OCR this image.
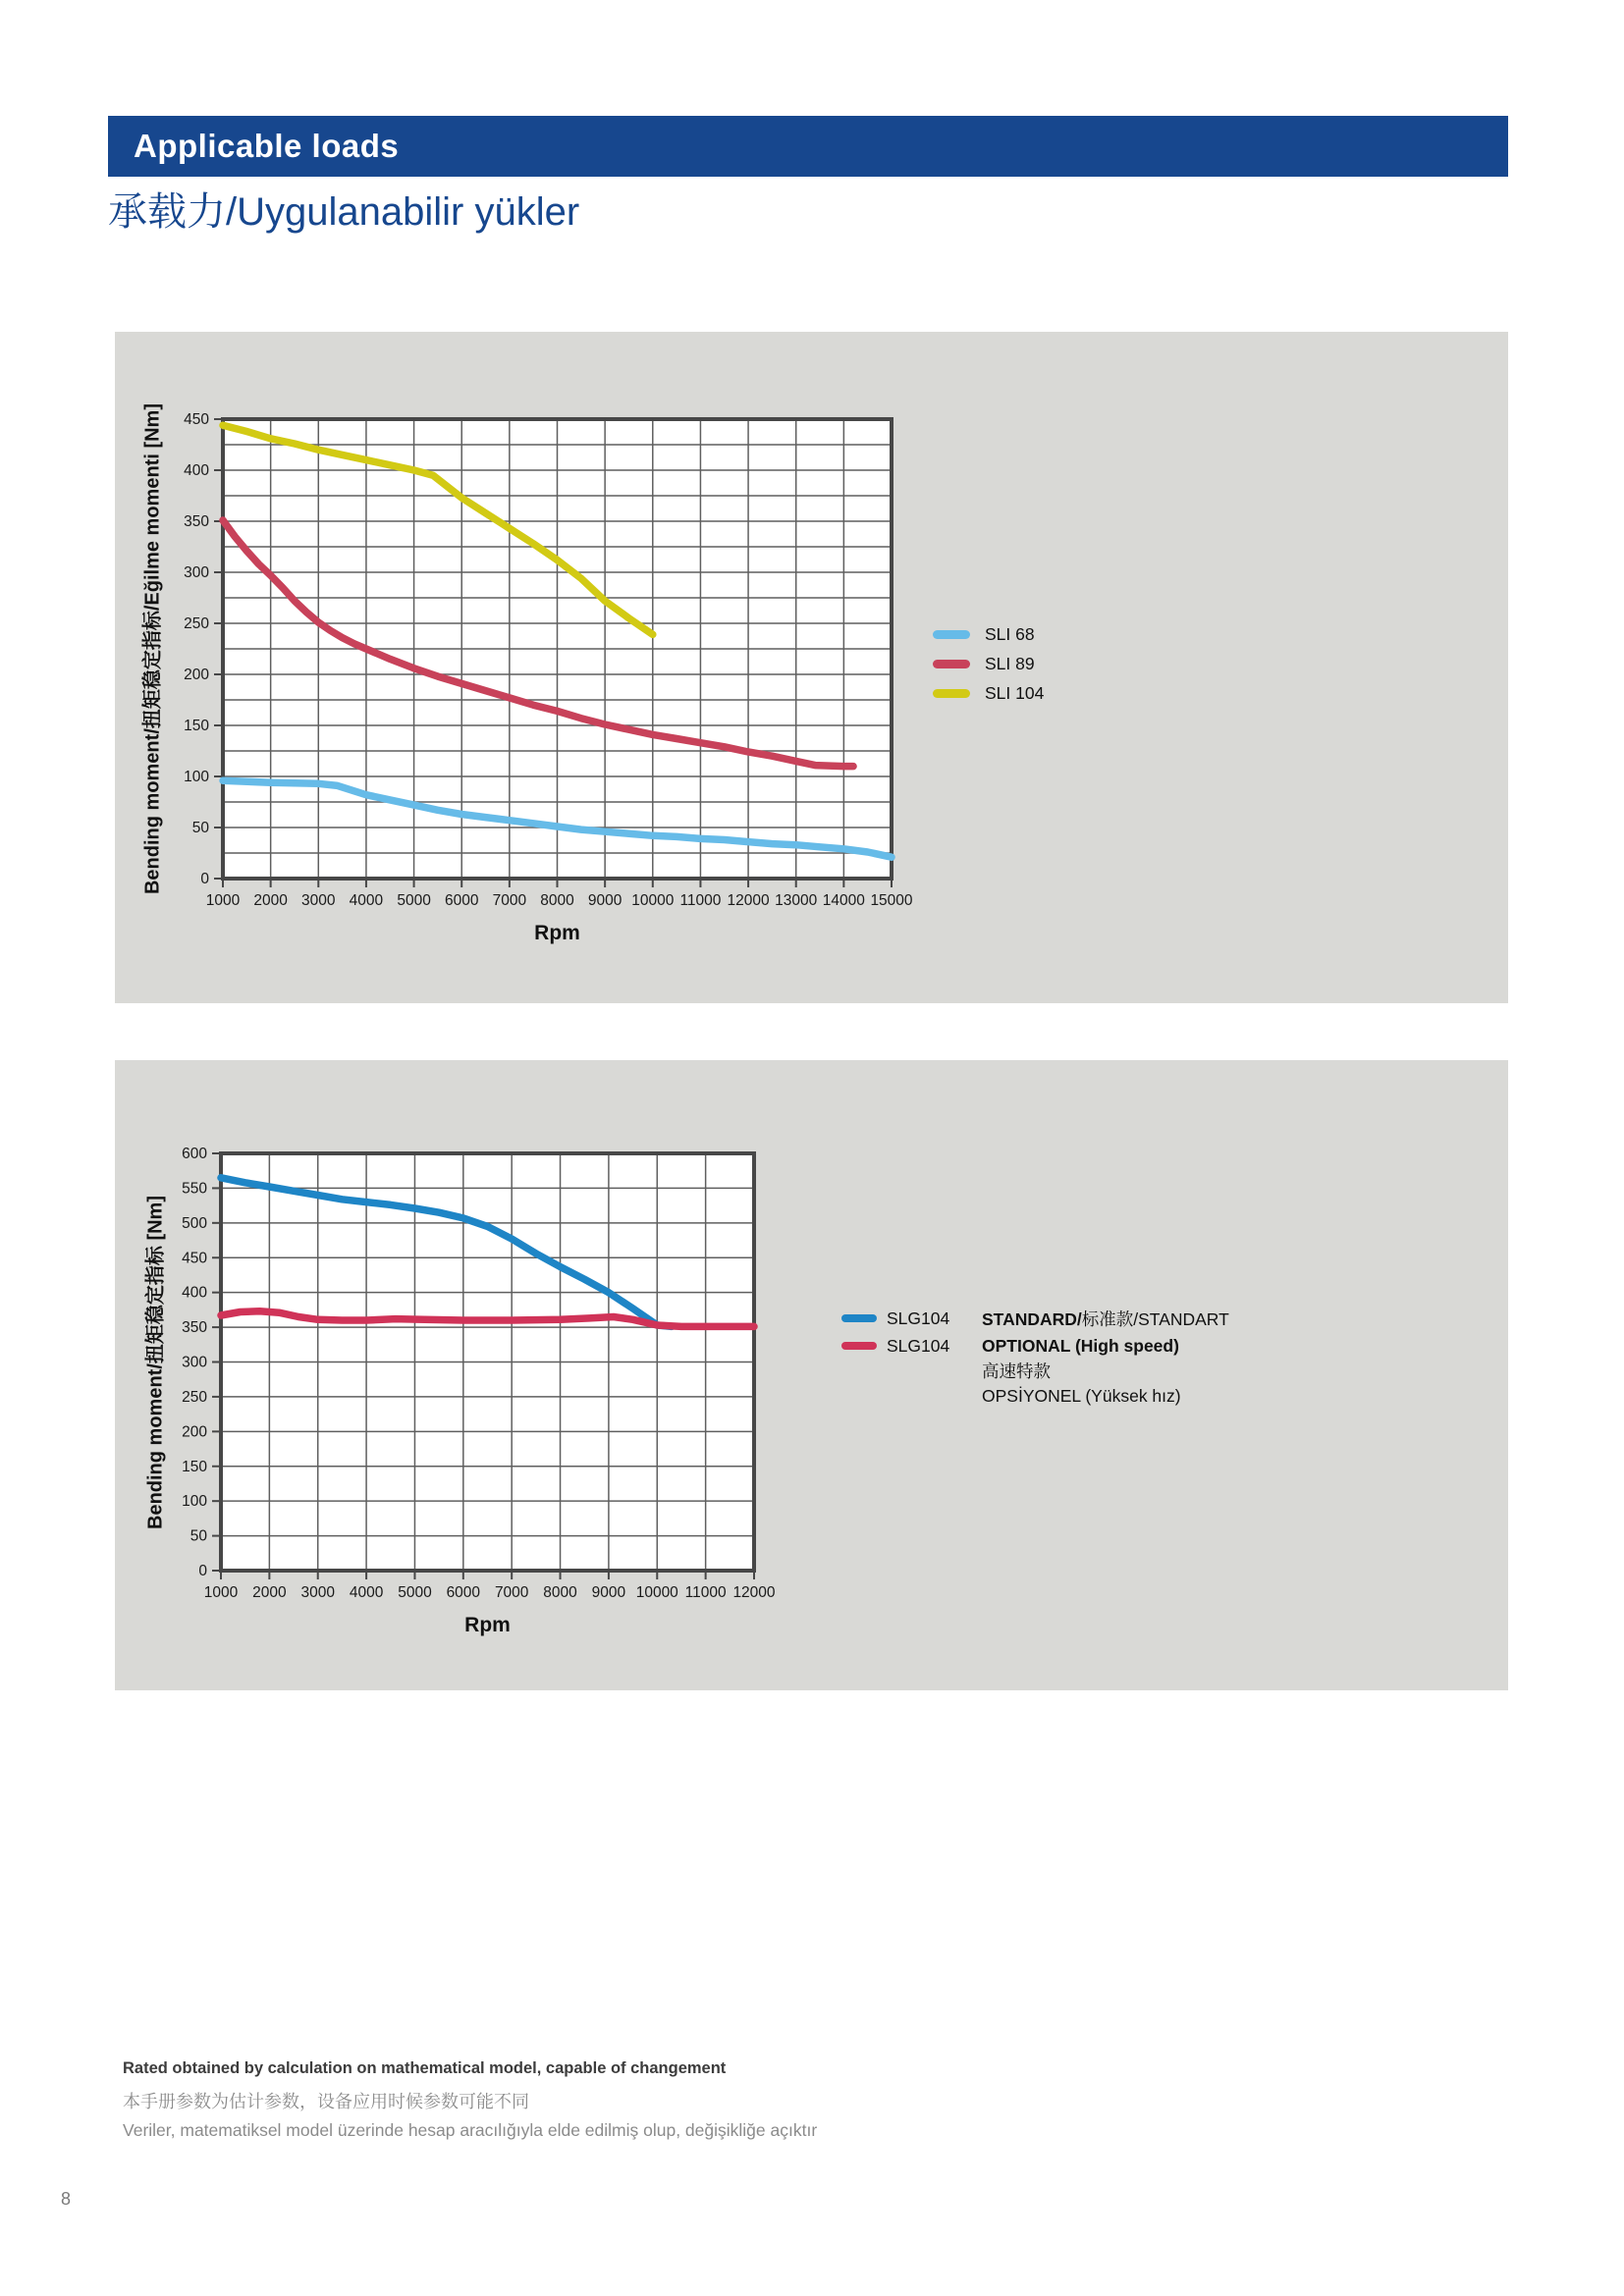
Applicable loads
承载力/Uygulanabilir yükler
0
50
100
150
200
250
300
350
400
450
1000 2000 3000 4000 5000 6000 7000 8000 9000 10000 11000 12000 13000 14000 15000
Rpm
Bending moment/扭矩稳定指标/Eğilme momenti [Nm]	SLI 68
SLI 89
SLI 104
0
50
100
150
200
250
300
350
400
450
500
550
600
1000 2000 3000 4000 5000 6000 7000 8000 9000 10000 11000 12000
Rpm
Bending moment/扭矩稳定指标 [Nm]	SLG104	STANDARD/标准款/STANDART
SLG104	OPTIONAL (High speed)
高速特款
OPSİYONEL (Yüksek hız)
Rated obtained by calculation on mathematical model, capable of changement
本手册参数为估计参数，设备应用时候参数可能不同
Veriler, matematiksel model üzerinde hesap aracılığıyla elde edilmiş olup, değişikliğe açıktır
8
